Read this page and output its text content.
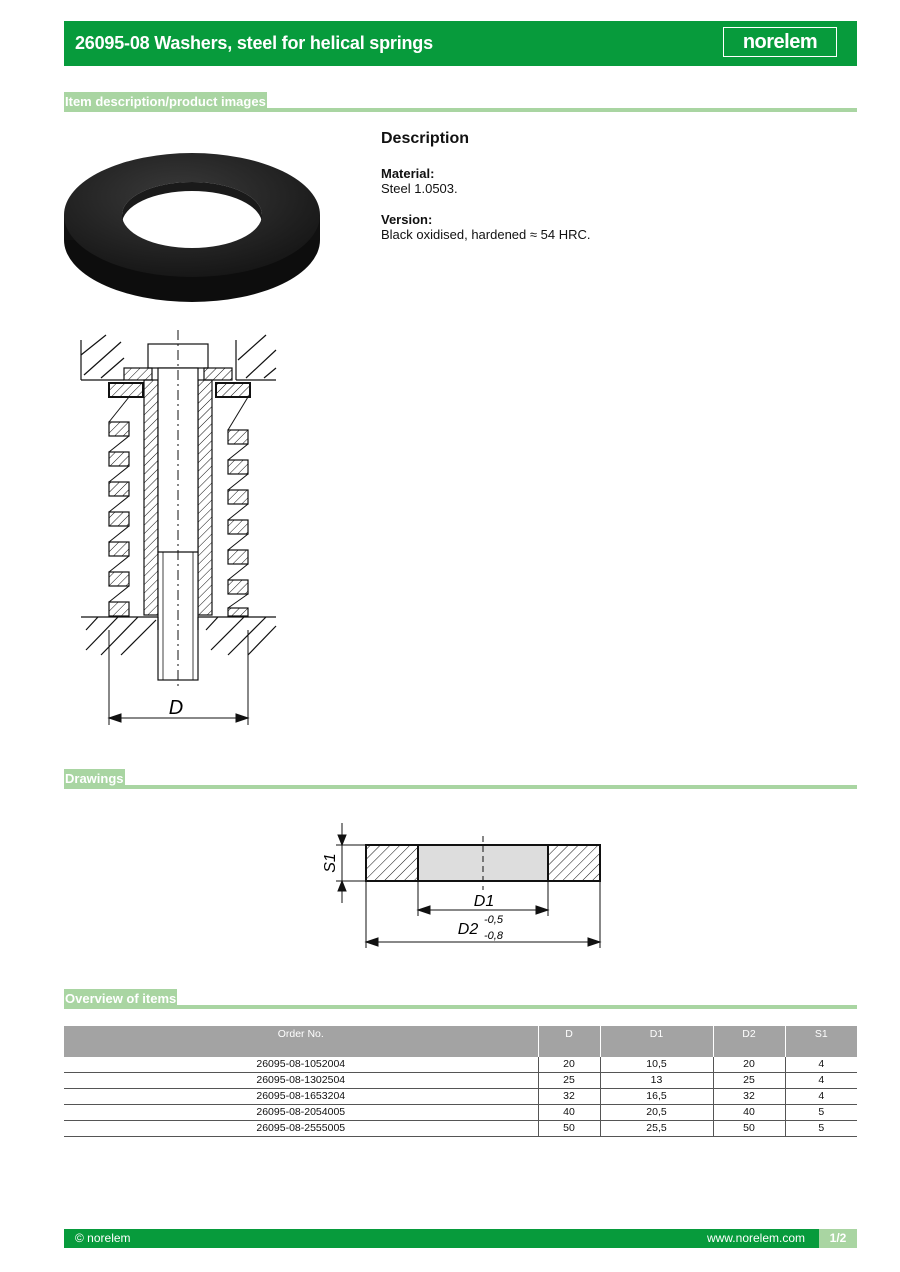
26095-08 Washers, steel for helical springs	norelem
Item description/product images
D
Description
Material:
Steel 1.0503.
Version:
Black oxidised, hardened ≈ 54 HRC.
Drawings
S1
D1
D2
-0,5
-0,8
Overview of items
Order No.	D	D1	D2	S1
26095-08-1052004	20	10,5	20	4
26095-08-1302504	25	13	25	4
26095-08-1653204	32	16,5	32	4
26095-08-2054005	40	20,5	40	5
26095-08-2555005	50	25,5	50	5
© norelem	www.norelem.com	1/2
